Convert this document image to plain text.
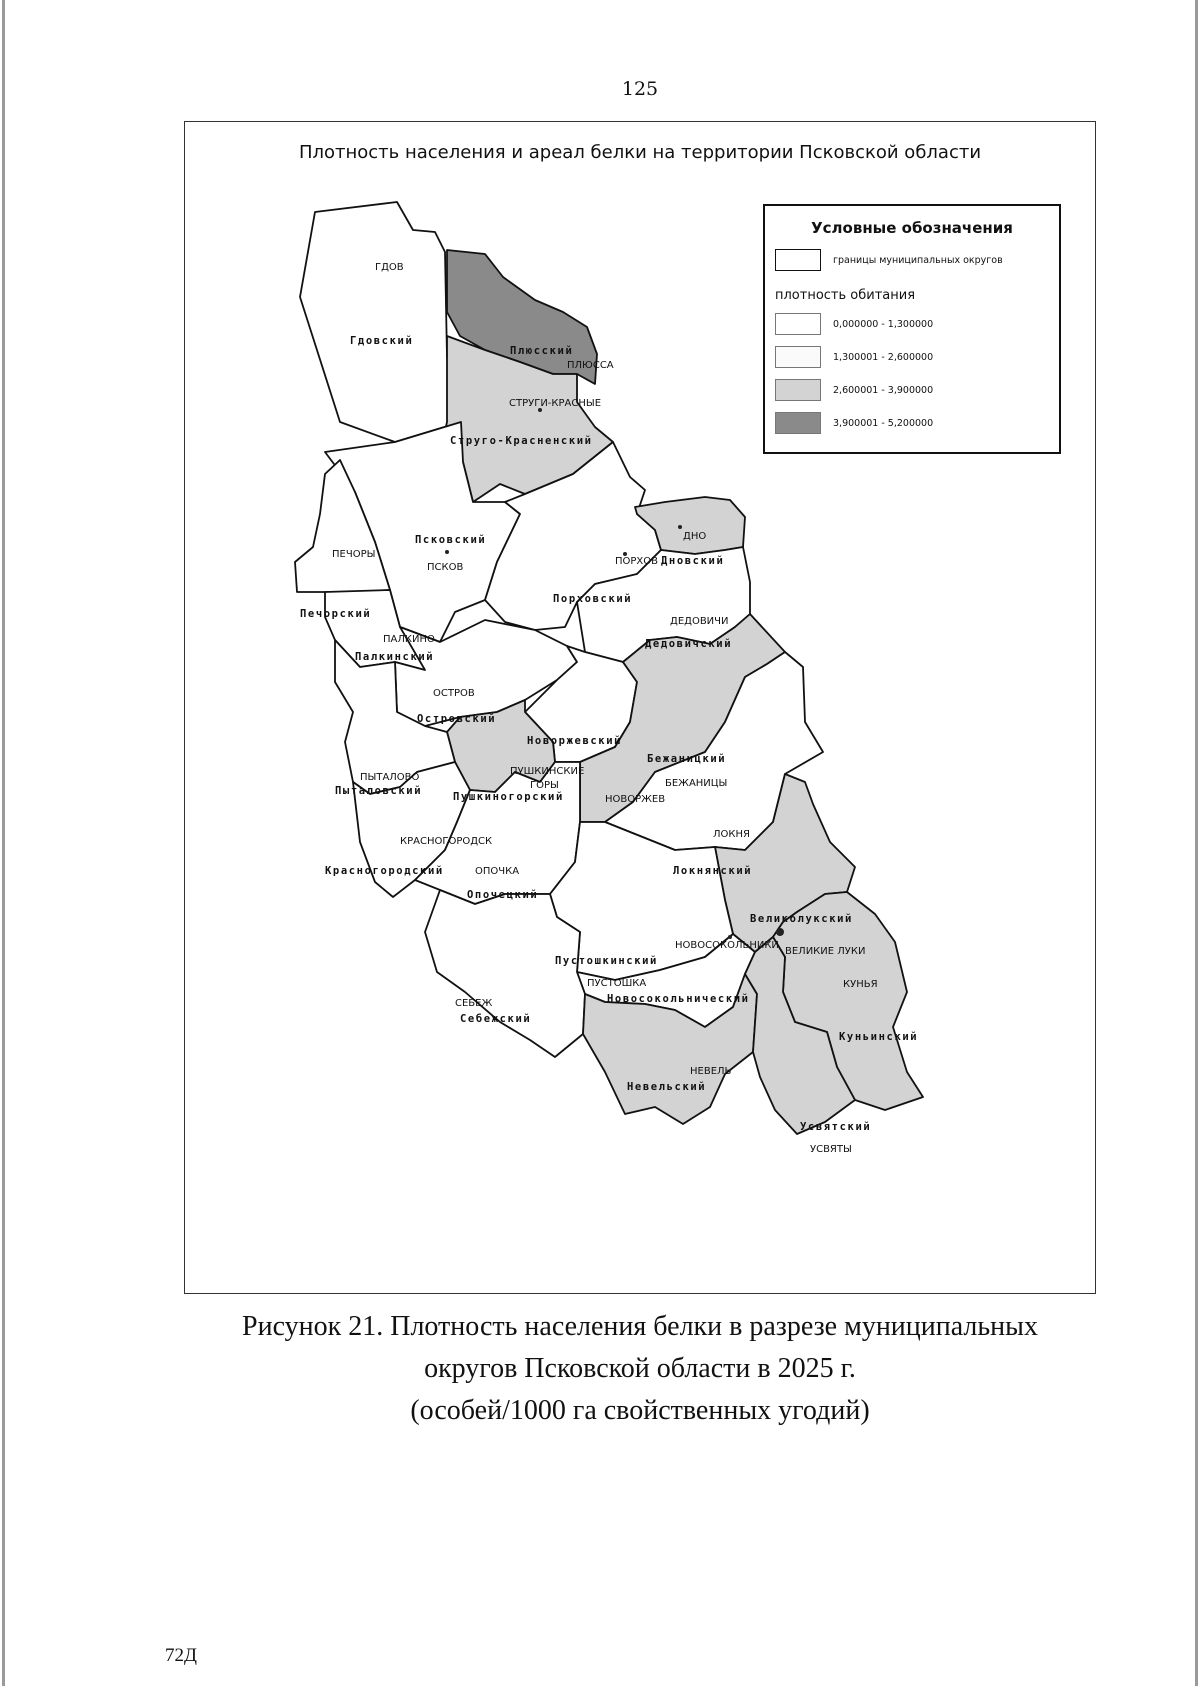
125
Плотность населения и ареал белки на территории Псковской области
ГДОВ
ПЛЮССА
СТРУГИ-КРАСНЫЕ
ПСКОВ
ПЕЧОРЫ
ПАЛКИНО
ПОРХОВ
ДНО
ДЕДОВИЧИ
ОСТРОВ
НОВОРЖЕВ
ПУШКИНСКИЕ
ГОРЫ	БЕЖАНИЦЫ
ПЫТАЛОВО
КРАСНОГОРОДСК
ОПОЧКА
ЛОКНЯ
ВЕЛИКИЕ ЛУКИ
ПУСТОШКА
НОВОСОКОЛЬНИКИ
КУНЬЯ
СЕБЕЖ
НЕВЕЛЬ
УСВЯТЫ
Гдовский
Плюсский
Струго-Красненский
Псковский
Печорский
Палкинский
Порховский
Дновский
Дедовичский
Островский
Новоржевский
Пушкиногорский
Бежаницкий
Пыталовский
Красногородский
Опочецкий
Локнянский
Великолукский
Пустошкинский
Новосокольнический
Куньинский
Себежский
Невельский
Усвятский
Условные обозначения
границы муниципальных округов
плотность обитания
0,000000 - 1,300000
1,300001 - 2,600000
2,600001 - 3,900000
3,900001 - 5,200000
Рисунок 21. Плотность населения белки в разрезе муниципальных
округов Псковской области в 2025 г.
(особей/1000 га свойственных угодий)
72Д
